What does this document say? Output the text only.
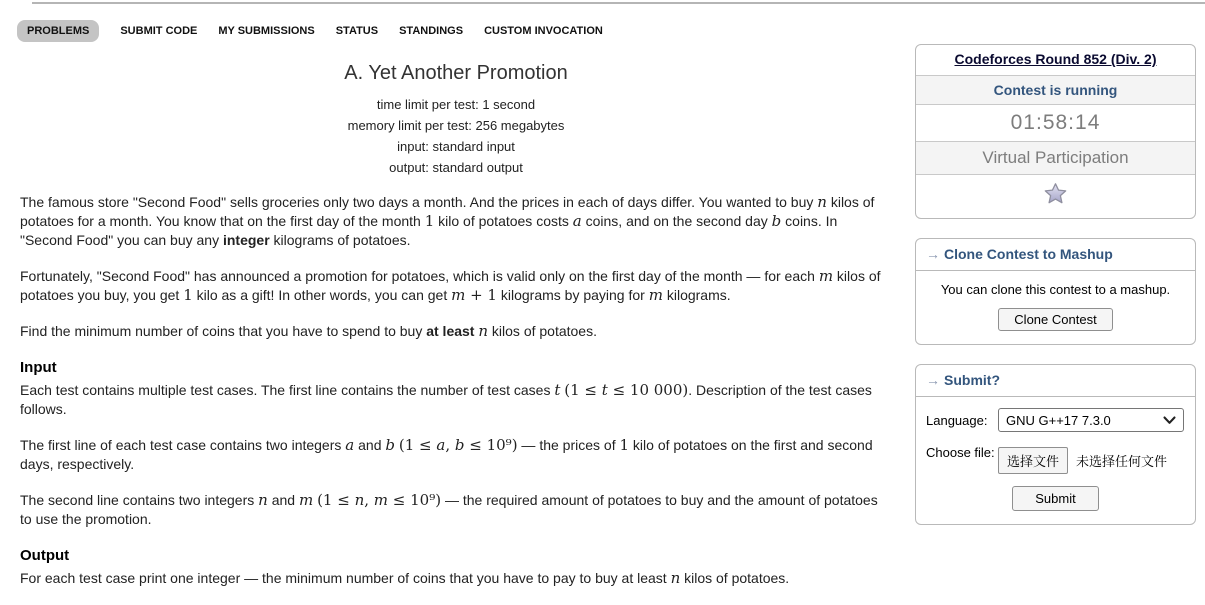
PROBLEMS	SUBMIT CODE MY SUBMISSIONS STATUS STANDINGS CUSTOM INVOCATION
A. Yet Another Promotion
time limit per test: 1 second
memory limit per test: 256 megabytes
input: standard input
output: standard output

The famous store "Second Food" sells groceries only two days a month. And the prices in each of days differ. You wanted to buy n kilos of potatoes for a month. You know that on the first day of the month 1 kilo of potatoes costs a coins, and on the second day b coins. In "Second Food" you can buy any integer kilograms of potatoes.

Fortunately, "Second Food" has announced a promotion for potatoes, which is valid only on the first day of the month — for each m kilos of potatoes you buy, you get 1 kilo as a gift! In other words, you can get m + 1 kilograms by paying for m kilograms.

Find the minimum number of coins that you have to spend to buy at least n kilos of potatoes.

Input

Each test contains multiple test cases. The first line contains the number of test cases t (1 ≤ t ≤ 10 000). Description of the test cases follows.

The first line of each test case contains two integers a and b (1 ≤ a, b ≤ 10⁹) — the prices of 1 kilo of potatoes on the first and second days, respectively.

The second line contains two integers n and m (1 ≤ n, m ≤ 10⁹) — the required amount of potatoes to buy and the amount of potatoes to use the promotion.

Output

For each test case print one integer — the minimum number of coins that you have to pay to buy at least n kilos of potatoes.

Codeforces Round 852 (Div. 2)
Contest is running
01:58:14
Virtual Participation
→ Clone Contest to Mashup
You can clone this contest to a mashup.
Clone Contest
→ Submit?
Language:	GNU G++17 7.3.0
Choose file:
选择文件	未选择任何文件
Submit
